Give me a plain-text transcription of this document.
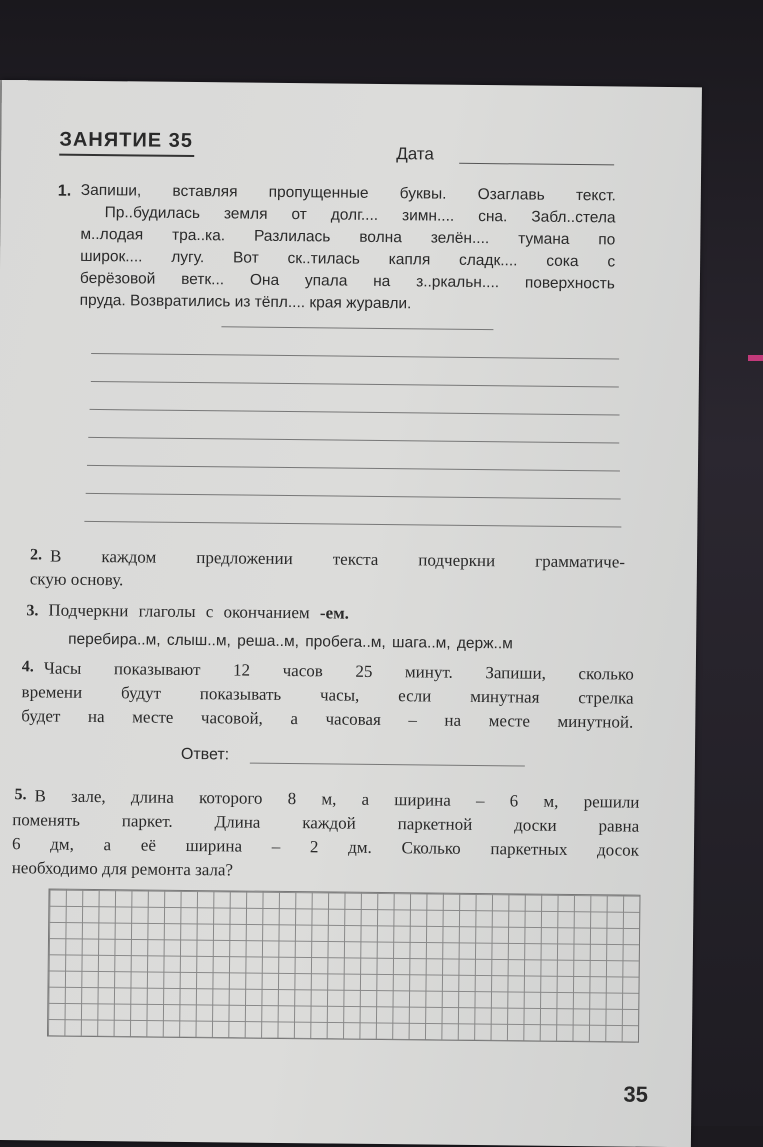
ЗАНЯТИЕ 35
Дата
1. Запиши, вставляя пропущенные буквы. Озаглавь текст.
Пр..будилась земля от долг.... зимн.... сна. Забл..стела
м..лодая тра..ка. Разлилась волна зелён.... тумана по
широк.... лугу. Вот ск..тилась капля сладк.... сока с
берёзовой ветк... Она упала на з..ркальн.... поверхность
пруда. Возвратились из тёпл.... края журавли.
2. В каждом предложении текста подчеркни грамматиче-
скую основу.
3. Подчеркни глаголы с окончанием -ем.
перебира..м, слыш..м, реша..м, пробега..м, шага..м, держ..м
4. Часы показывают 12 часов 25 минут. Запиши, сколько
времени будут показывать часы, если минутная стрелка
будет на месте часовой, а часовая – на месте минутной.
Ответ:
5. В зале, длина которого 8 м, а ширина – 6 м, решили
поменять паркет. Длина каждой паркетной доски равна
6 дм, а её ширина – 2 дм. Сколько паркетных досок
необходимо для ремонта зала?
35
